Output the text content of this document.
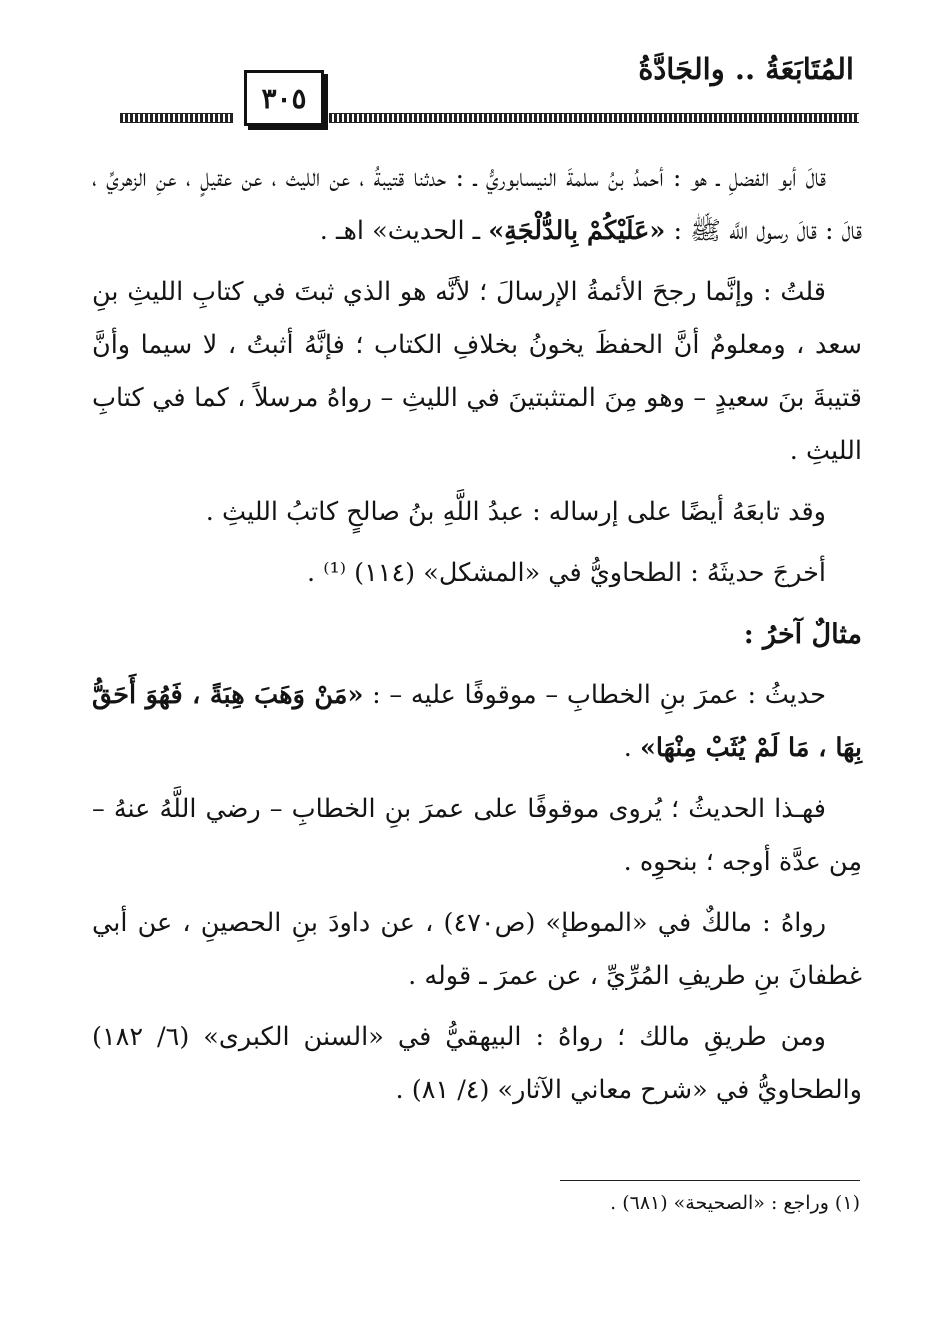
المُتَابَعَةُ .. والجَادَّةُ
٣٠٥

قالَ أبو الفضلِ ـ هو : أحمدُ بنُ سلمةَ النيسابوريُّ ـ : حدثنا قتيبةُ ، عن الليث ، عن عقيلٍ ، عنِ الزهريِّ ، قالَ : قالَ رسول اللَّه ﷺ : «عَلَيْكُمْ بِالدُّلْجَةِ» ـ الحديث» اهـ .

قلتُ : وإنَّما رجحَ الأئمةُ الإرسالَ ؛ لأنَّه هو الذي ثبتَ في كتابِ الليثِ بنِ سعد ، ومعلومٌ أنَّ الحفظَ يخونُ بخلافِ الكتاب ؛ فإنَّهُ أثبتُ ، لا سيما وأنَّ قتيبةَ بنَ سعيدٍ – وهو مِنَ المتثبتينَ في الليثِ – رواهُ مرسلاً ، كما في كتابِ الليثِ .

وقد تابعَهُ أيضًا على إرساله : عبدُ اللَّهِ بنُ صالحٍ كاتبُ الليثِ .

أخرجَ حديثَهُ : الطحاويُّ في «المشكل» (١١٤) ⁽¹⁾ .

مثالٌ آخرُ :

حديثُ : عمرَ بنِ الخطابِ – موقوفًا عليه – : «مَنْ وَهَبَ هِبَةً ، فَهُوَ أَحَقُّ بِهَا ، مَا لَمْ يُثَبْ مِنْهَا» .

فهـذا الحديثُ ؛ يُروى موقوفًا على عمرَ بنِ الخطابِ – رضي اللَّهُ عنهُ – مِن عدَّة أوجه ؛ بنحوِه .

رواهُ : مالكٌ في «الموطإ» (ص٤٧٠) ، عن داودَ بنِ الحصينِ ، عن أبي غطفانَ بنِ طريفِ المُرِّيِّ ، عن عمرَ ـ قوله .

ومن طريقِ مالك ؛ رواهُ : البيهقيُّ في «السنن الكبرى» (٦/ ١٨٢) والطحاويُّ في «شرح معاني الآثار» (٤/ ٨١) .

(١) وراجع : «الصحيحة» (٦٨١) .
